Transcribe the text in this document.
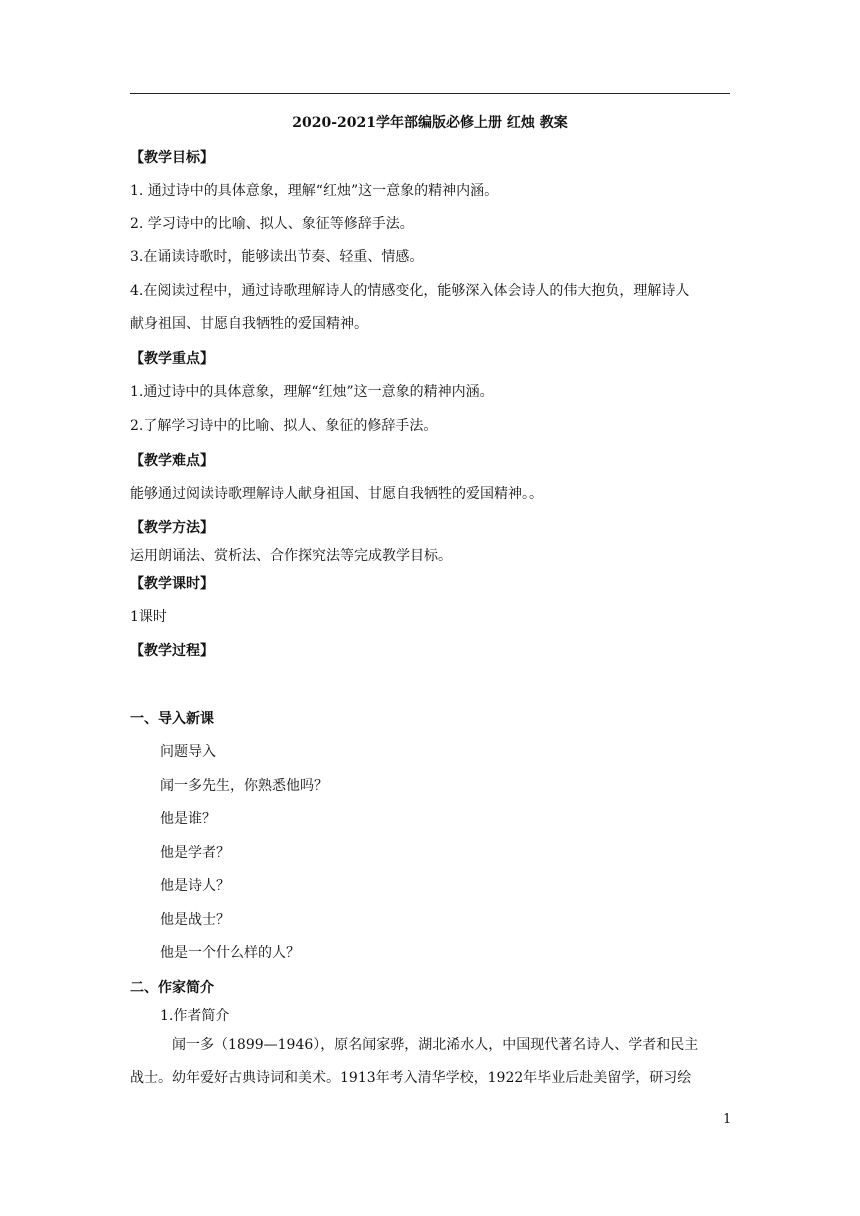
2020-2021学年部编版必修上册 红烛 教案
【教学目标】
1. 通过诗中的具体意象，理解“红烛”这一意象的精神内涵。
2. 学习诗中的比喻、拟人、象征等修辞手法。
3.在诵读诗歌时，能够读出节奏、轻重、情感。
4.在阅读过程中，通过诗歌理解诗人的情感变化，能够深入体会诗人的伟大抱负，理解诗人
献身祖国、甘愿自我牺牲的爱国精神。
【教学重点】
1.通过诗中的具体意象，理解“红烛”这一意象的精神内涵。
2.了解学习诗中的比喻、拟人、象征的修辞手法。
【教学难点】
能够通过阅读诗歌理解诗人献身祖国、甘愿自我牺牲的爱国精神。。
【教学方法】
运用朗诵法、赏析法、合作探究法等完成教学目标。
【教学课时】
1课时
【教学过程】
一、导入新课
问题导入
闻一多先生，你熟悉他吗？
他是谁？
他是学者？
他是诗人？
他是战士？
他是一个什么样的人？
二、作家简介
1.作者简介
闻一多（1899—1946），原名闻家骅，湖北浠水人，中国现代著名诗人、学者和民主
战士。幼年爱好古典诗词和美术。1913年考入清华学校，1922年毕业后赴美留学，研习绘
1
